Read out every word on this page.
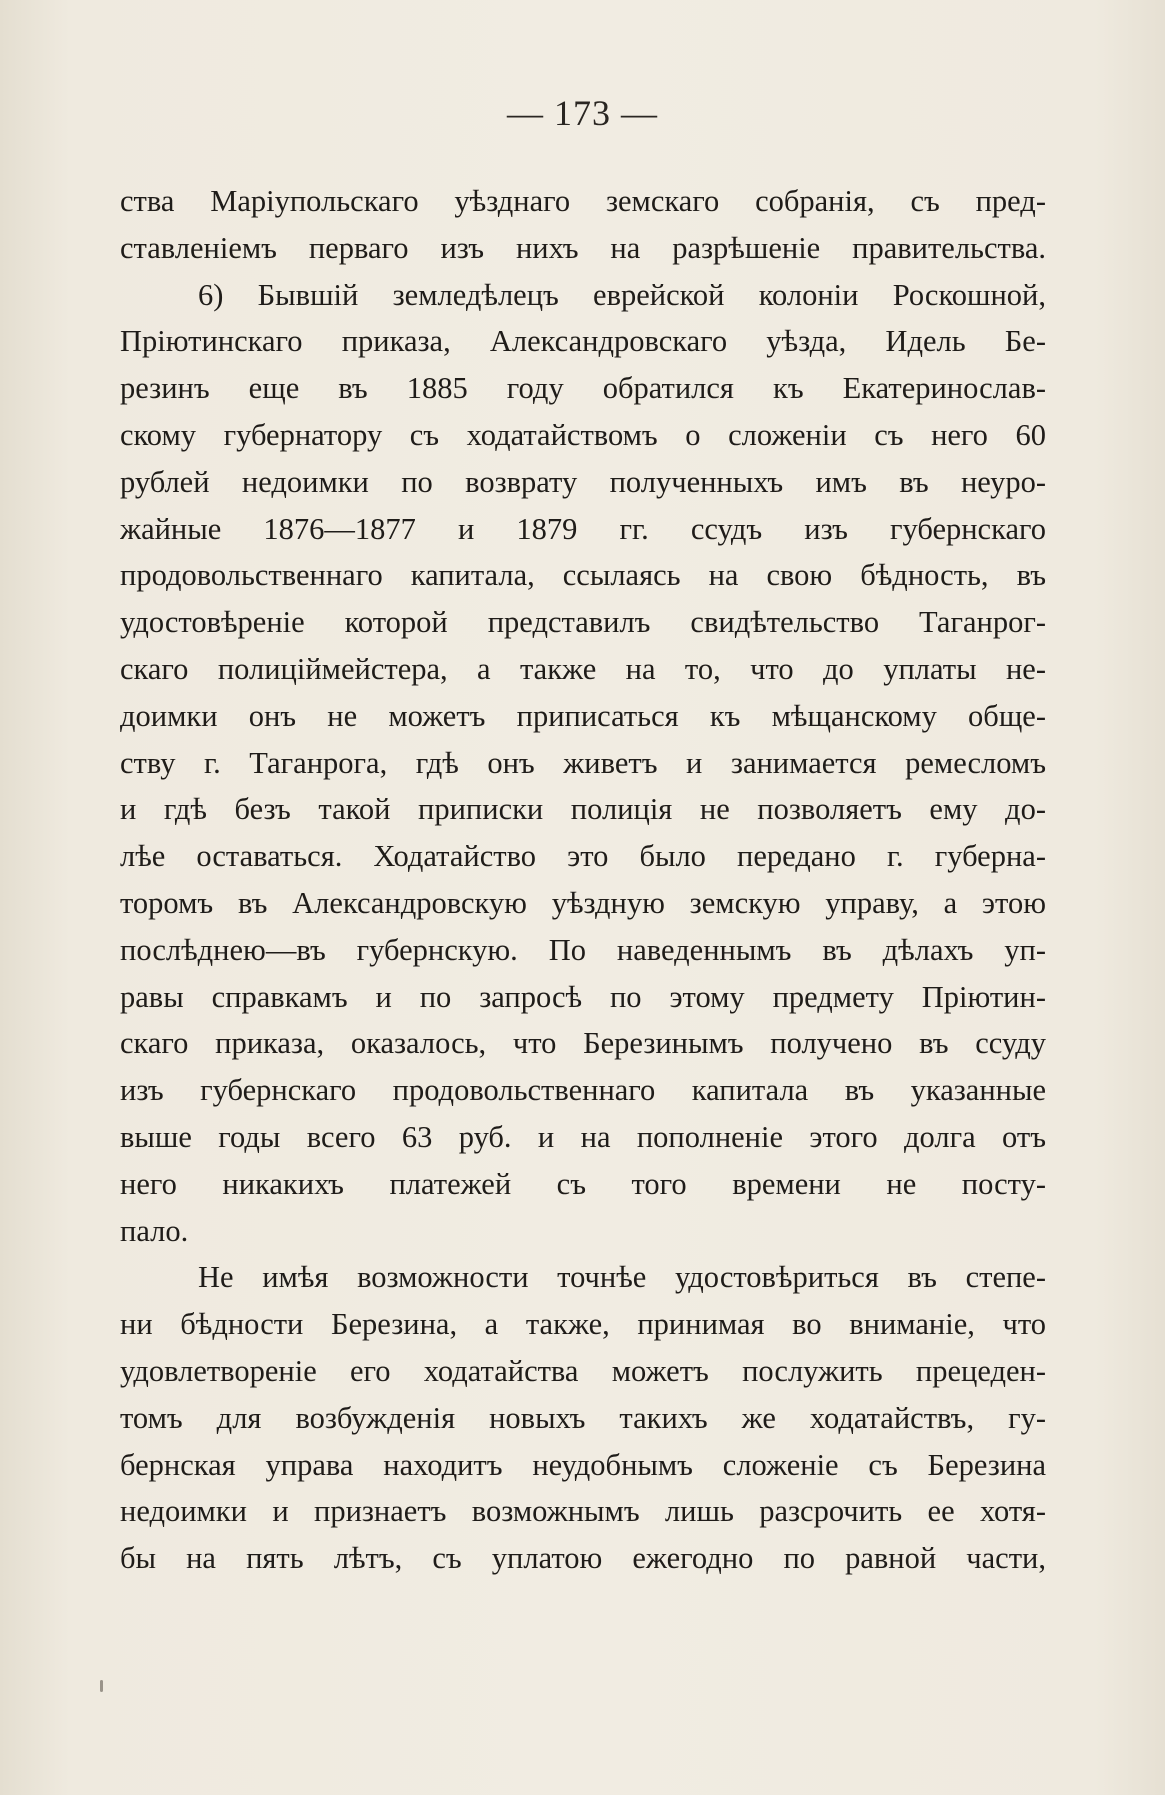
— 173 —
ства Маріупольскаго уѣзднаго земскаго собранія, съ пред-
ставленіемъ перваго изъ нихъ на разрѣшеніе правительства.
6) Бывшій земледѣлецъ еврейской колоніи Роскошной,
Пріютинскаго приказа, Александровскаго уѣзда, Идель Бе-
резинъ еще въ 1885 году обратился къ Екатеринослав-
скому губернатору съ ходатайствомъ о сложеніи съ него 60
рублей недоимки по возврату полученныхъ имъ въ неуро-
жайные 1876—1877 и 1879 гг. ссудъ изъ губернскаго
продовольственнаго капитала, ссылаясь на свою бѣдность, въ
удостовѣреніе которой представилъ свидѣтельство Таганрог-
скаго полиціймейстера, а также на то, что до уплаты не-
доимки онъ не можетъ приписаться къ мѣщанскому обще-
ству г. Таганрога, гдѣ онъ живетъ и занимается ремесломъ
и гдѣ безъ такой приписки полиція не позволяетъ ему до-
лѣе оставаться. Ходатайство это было передано г. губерна-
торомъ въ Александровскую уѣздную земскую управу, а этою
послѣднею—въ губернскую. По наведеннымъ въ дѣлахъ уп-
равы справкамъ и по запросѣ по этому предмету Пріютин-
скаго приказа, оказалось, что Березинымъ получено въ ссуду
изъ губернскаго продовольственнаго капитала въ указанные
выше годы всего 63 руб. и на пополненіе этого долга отъ
него никакихъ платежей съ того времени не посту-
пало.
Не имѣя возможности точнѣе удостовѣриться въ степе-
ни бѣдности Березина, а также, принимая во вниманіе, что
удовлетвореніе его ходатайства можетъ послужить прецеден-
томъ для возбужденія новыхъ такихъ же ходатайствъ, гу-
бернская управа находитъ неудобнымъ сложеніе съ Березина
недоимки и признаетъ возможнымъ лишь разсрочить ее хотя-
бы на пять лѣтъ, съ уплатою ежегодно по равной части,
